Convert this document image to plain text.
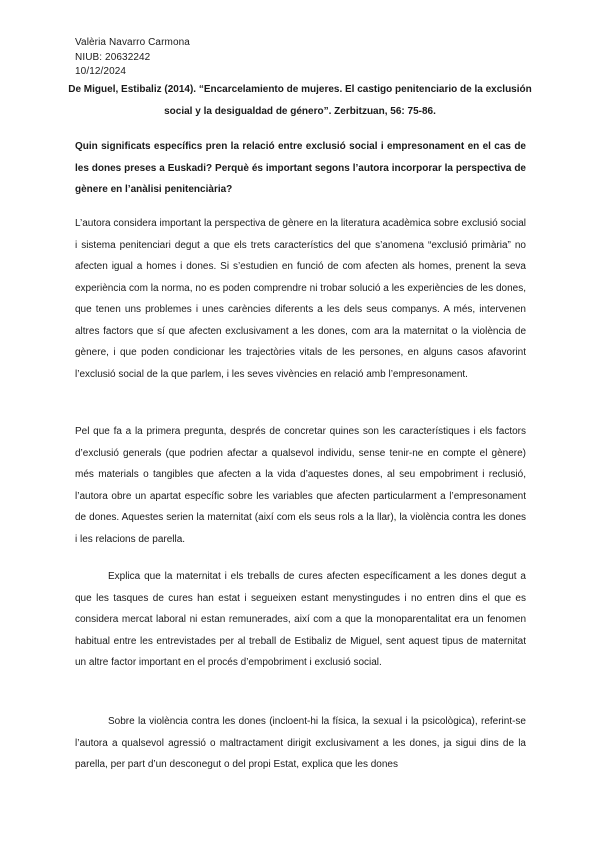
Valèria Navarro Carmona
NIUB: 20632242
10/12/2024
De Miguel, Estibaliz (2014). “Encarcelamiento de mujeres. El castigo penitenciario de la exclusión social y la desigualdad de género”. Zerbitzuan, 56: 75-86.
Quin significats específics pren la relació entre exclusió social i empresonament en el cas de les dones preses a Euskadi? Perquè és important segons l’autora incorporar la perspectiva de gènere en l’anàlisi penitenciària?

L’autora considera important la perspectiva de gènere en la literatura acadèmica sobre exclusió social i sistema penitenciari degut a que els trets característics del que s’anomena “exclusió primària” no afecten igual a homes i dones. Si s’estudien en funció de com afecten als homes, prenent la seva experiència com la norma, no es poden comprendre ni trobar solució a les experiències de les dones, que tenen uns problemes i unes carències diferents a les dels seus companys. A més, intervenen altres factors que sí que afecten exclusivament a les dones, com ara la maternitat o la violència de gènere, i que poden condicionar les trajectòries vitals de les persones, en alguns casos afavorint l’exclusió social de la que parlem, i les seves vivències en relació amb l’empresonament.

Pel que fa a la primera pregunta, després de concretar quines son les característiques i els factors d’exclusió generals (que podrien afectar a qualsevol individu, sense tenir-ne en compte el gènere) més materials o tangibles que afecten a la vida d’aquestes dones, al seu empobriment i reclusió, l’autora obre un apartat específic sobre les variables que afecten particularment a l’empresonament de dones. Aquestes serien la maternitat (així com els seus rols a la llar), la violència contra les dones i les relacions de parella.

Explica que la maternitat i els treballs de cures afecten específicament a les dones degut a que les tasques de cures han estat i segueixen estant menystingudes i no entren dins el que es considera mercat laboral ni estan remunerades, així com a que la monoparentalitat era un fenomen habitual entre les entrevistades per al treball de Estibaliz de Miguel, sent aquest tipus de maternitat un altre factor important en el procés d’empobriment i exclusió social.

Sobre la violència contra les dones (incloent-hi la física, la sexual i la psicològica), referint-se l’autora a qualsevol agressió o maltractament dirigit exclusivament a les dones, ja sigui dins de la parella, per part d’un desconegut o del propi Estat, explica que les dones
